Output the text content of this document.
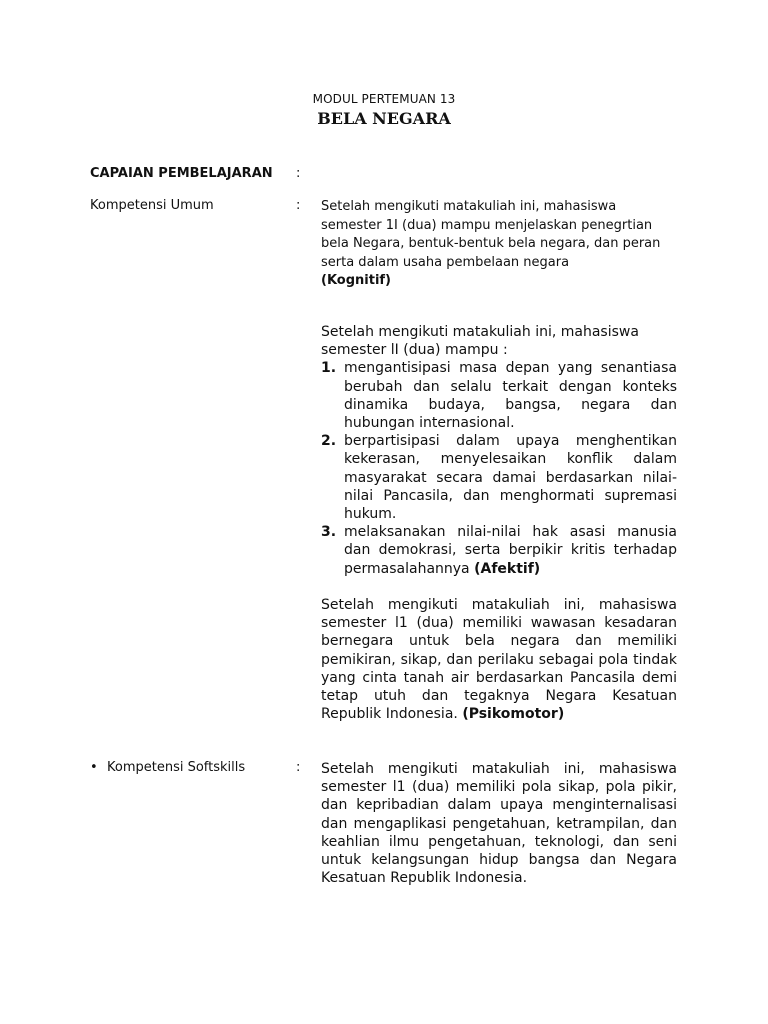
MODUL PERTEMUAN 13
BELA NEGARA
CAPAIAN PEMBELAJARAN :
Kompetensi Umum	: Setelah mengikuti matakuliah ini, mahasiswa semester 1I (dua) mampu menjelaskan penegrtian bela Negara, bentuk-bentuk bela negara, dan peran serta dalam usaha pembelaan negara
(Kognitif)
Setelah mengikuti matakuliah ini, mahasiswa semester lI (dua) mampu :
1. mengantisipasi masa depan yang senantiasa berubah dan selalu terkait dengan konteks dinamika budaya, bangsa, negara dan hubungan internasional.
2. berpartisipasi dalam upaya menghentikan kekerasan, menyelesaikan konflik dalam masyarakat secara damai berdasarkan nilai-nilai Pancasila, dan menghormati supremasi hukum.
3. melaksanakan nilai-nilai hak asasi manusia dan demokrasi, serta berpikir kritis terhadap permasalahannya (Afektif)
Setelah mengikuti matakuliah ini, mahasiswa semester l1 (dua) memiliki wawasan kesadaran bernegara untuk bela negara dan memiliki pemikiran, sikap, dan perilaku sebagai pola tindak yang cinta tanah air berdasarkan Pancasila demi tetap utuh dan tegaknya Negara Kesatuan Republik Indonesia. (Psikomotor)
• Kompetensi Softskills	: Setelah mengikuti matakuliah ini, mahasiswa semester l1 (dua) memiliki pola sikap, pola pikir, dan kepribadian dalam upaya menginternalisasi dan mengaplikasi pengetahuan, ketrampilan, dan keahlian ilmu pengetahuan, teknologi, dan seni untuk kelangsungan hidup bangsa dan Negara Kesatuan Republik Indonesia.
